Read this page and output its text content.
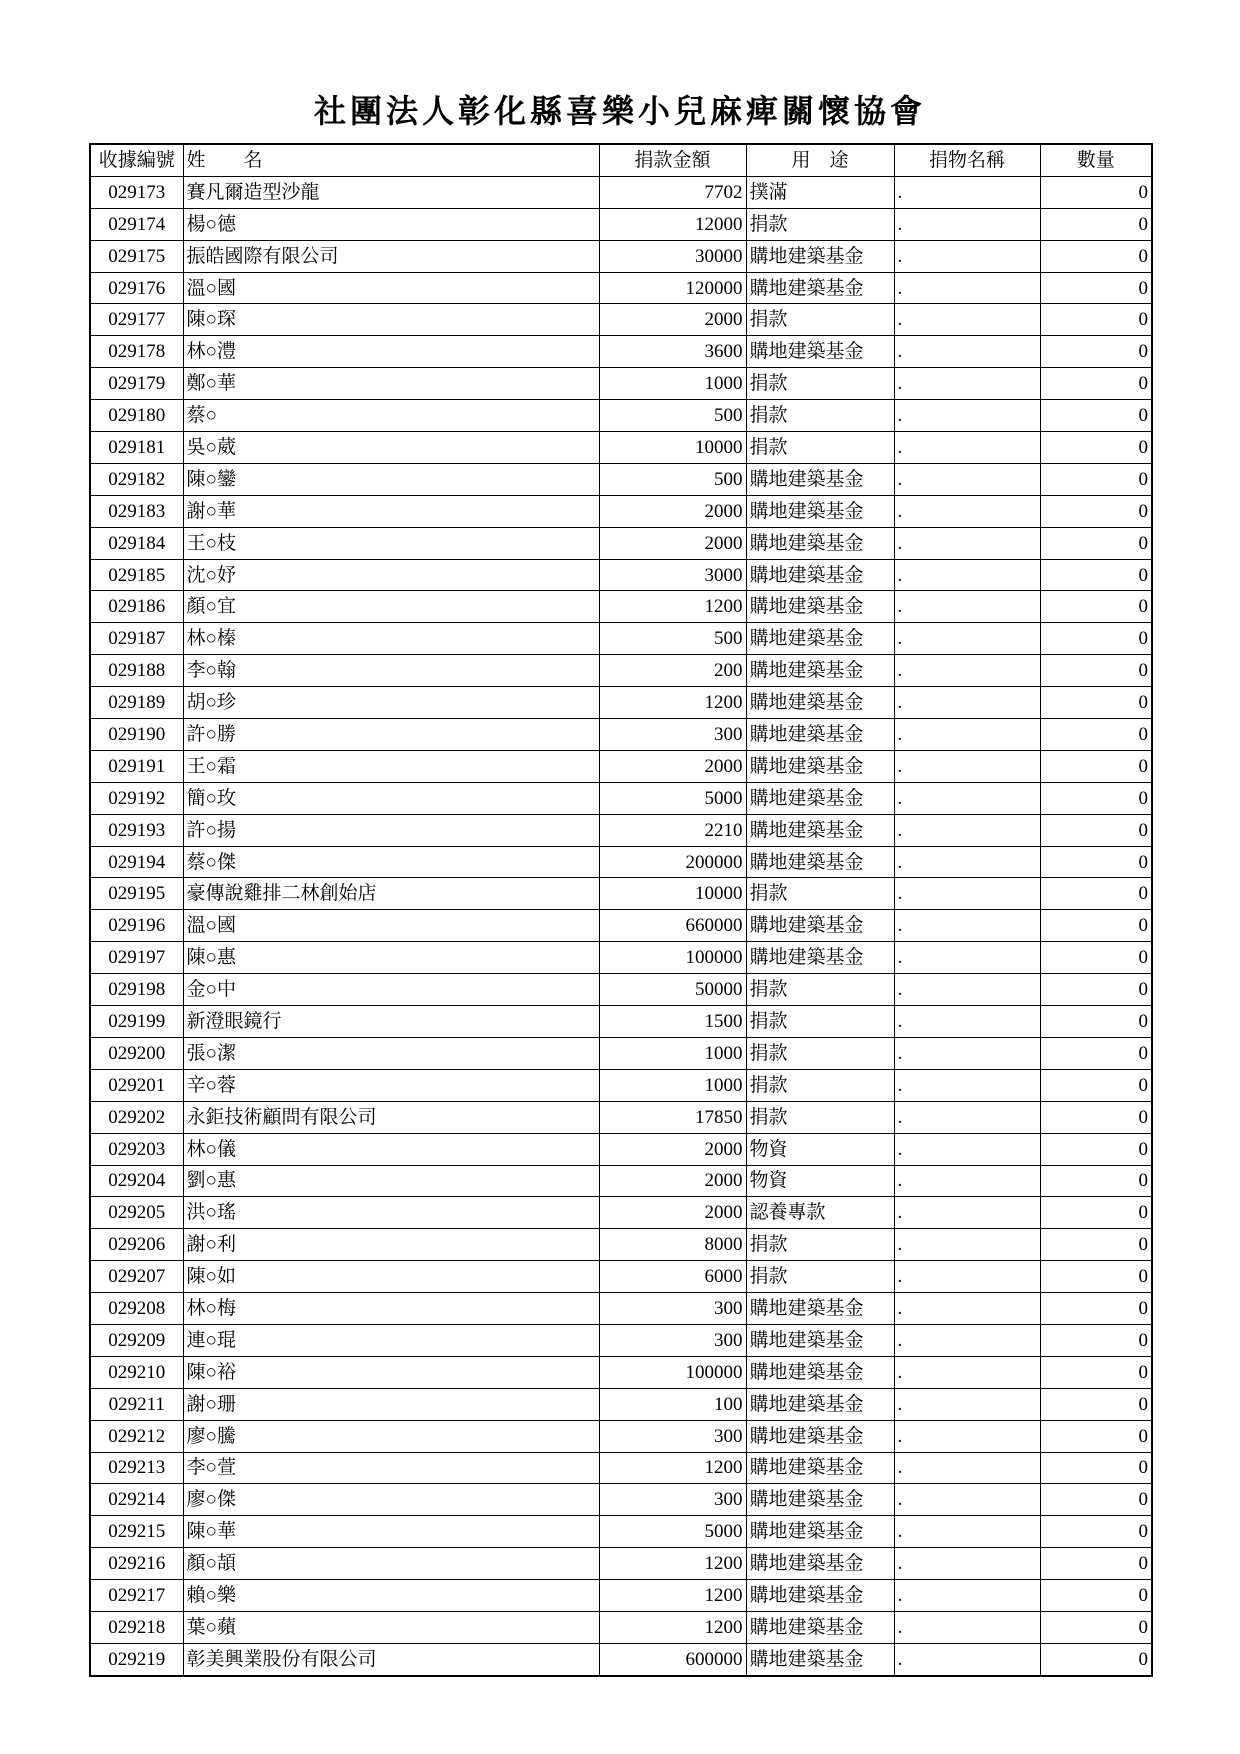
社團法人彰化縣喜樂小兒麻痺關懷協會
收據編號	姓　　名	捐款金額	用　途	捐物名稱	數量
029173	賽凡爾造型沙龍	7702	撲滿	.	0
029174	楊○德	12000	捐款	.	0
029175	振皓國際有限公司	30000	購地建築基金	.	0
029176	溫○國	120000	購地建築基金	.	0
029177	陳○琛	2000	捐款	.	0
029178	林○澧	3600	購地建築基金	.	0
029179	鄭○華	1000	捐款	.	0
029180	蔡○	500	捐款	.	0
029181	吳○葳	10000	捐款	.	0
029182	陳○鑾	500	購地建築基金	.	0
029183	謝○華	2000	購地建築基金	.	0
029184	王○枝	2000	購地建築基金	.	0
029185	沈○妤	3000	購地建築基金	.	0
029186	顏○宜	1200	購地建築基金	.	0
029187	林○榛	500	購地建築基金	.	0
029188	李○翰	200	購地建築基金	.	0
029189	胡○珍	1200	購地建築基金	.	0
029190	許○勝	300	購地建築基金	.	0
029191	王○霜	2000	購地建築基金	.	0
029192	簡○玫	5000	購地建築基金	.	0
029193	許○揚	2210	購地建築基金	.	0
029194	蔡○傑	200000	購地建築基金	.	0
029195	豪傳說雞排二林創始店	10000	捐款	.	0
029196	溫○國	660000	購地建築基金	.	0
029197	陳○惠	100000	購地建築基金	.	0
029198	金○中	50000	捐款	.	0
029199	新澄眼鏡行	1500	捐款	.	0
029200	張○潔	1000	捐款	.	0
029201	辛○蓉	1000	捐款	.	0
029202	永鉅技術顧問有限公司	17850	捐款	.	0
029203	林○儀	2000	物資	.	0
029204	劉○惠	2000	物資	.	0
029205	洪○瑤	2000	認養專款	.	0
029206	謝○利	8000	捐款	.	0
029207	陳○如	6000	捐款	.	0
029208	林○梅	300	購地建築基金	.	0
029209	連○琨	300	購地建築基金	.	0
029210	陳○裕	100000	購地建築基金	.	0
029211	謝○珊	100	購地建築基金	.	0
029212	廖○騰	300	購地建築基金	.	0
029213	李○萱	1200	購地建築基金	.	0
029214	廖○傑	300	購地建築基金	.	0
029215	陳○華	5000	購地建築基金	.	0
029216	顏○頡	1200	購地建築基金	.	0
029217	賴○樂	1200	購地建築基金	.	0
029218	葉○蘋	1200	購地建築基金	.	0
029219	彰美興業股份有限公司	600000	購地建築基金	.	0
